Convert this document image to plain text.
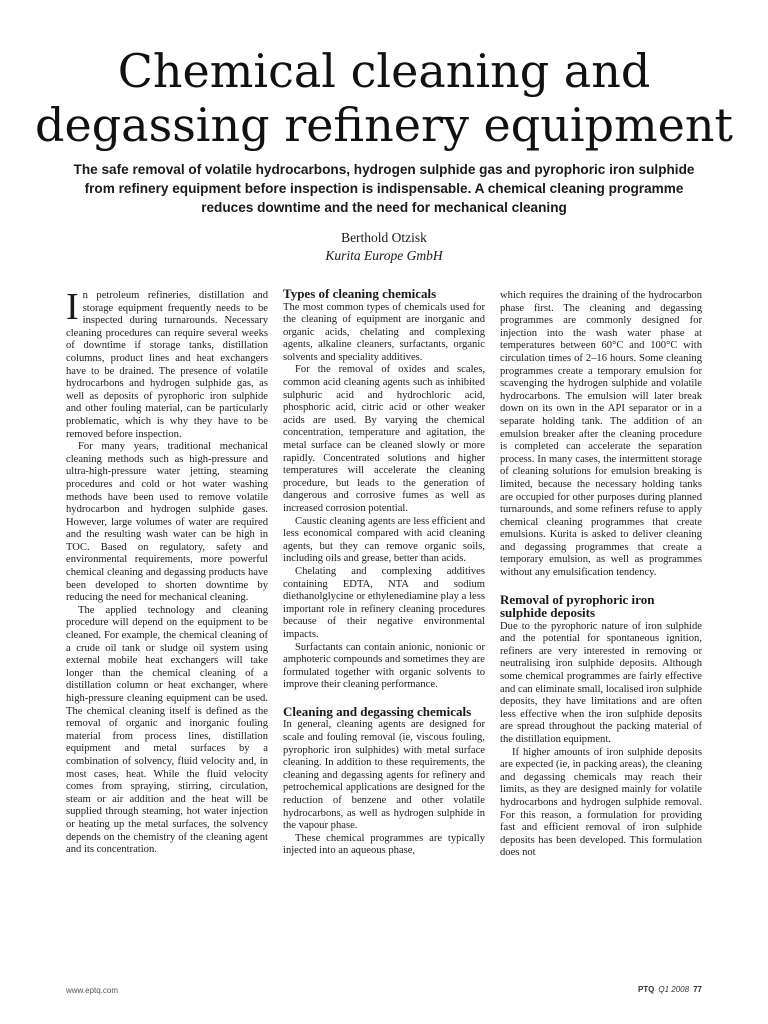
Chemical cleaning and degassing refinery equipment

The safe removal of volatile hydrocarbons, hydrogen sulphide gas and pyrophoric iron sulphide from refinery equipment before inspection is indispensable. A chemical cleaning programme reduces downtime and the need for mechanical cleaning

Berthold Otzisk
Kurita Europe GmbH

In petroleum refineries, distillation and storage equipment frequently needs to be inspected during turnarounds. Necessary cleaning procedures can require several weeks of downtime if storage tanks, distillation columns, product lines and heat exchangers have to be drained. The presence of volatile hydrocarbons and hydrogen sulphide gas, as well as deposits of pyrophoric iron sulphide and other fouling material, can be particularly problematic, which is why they have to be removed before inspection.

For many years, traditional mechanical cleaning methods such as high-pressure and ultra-high-pressure water jetting, steaming procedures and cold or hot water washing methods have been used to remove volatile hydrocarbon and hydrogen sulphide gases. However, large volumes of water are required and the resulting wash water can be high in TOC. Based on regulatory, safety and environmental requirements, more powerful chemical cleaning and degassing products have been developed to shorten downtime by reducing the need for mechanical cleaning.

The applied technology and cleaning procedure will depend on the equipment to be cleaned. For example, the chemical cleaning of a crude oil tank or sludge oil system using external mobile heat exchangers will take longer than the chemical cleaning of a distillation column or heat exchanger, where high-pressure cleaning equipment can be used. The chemical cleaning itself is defined as the removal of organic and inorganic fouling material from process lines, distillation equipment and metal surfaces by a combination of solvency, fluid velocity and, in most cases, heat. While the fluid velocity comes from spraying, stirring, circulation, steam or air addition and the heat will be supplied through steaming, hot water injection or heating up the metal surfaces, the solvency depends on the chemistry of the cleaning agent and its concentration.

Types of cleaning chemicals

The most common types of chemicals used for the cleaning of equipment are inorganic and organic acids, chelating and complexing agents, alkaline cleaners, surfactants, organic solvents and speciality additives.

For the removal of oxides and scales, common acid cleaning agents such as inhibited sulphuric acid and hydrochloric acid, phosphoric acid, citric acid or other weaker acids are used. By varying the chemical concentration, temperature and agitation, the metal surface can be cleaned slowly or more rapidly. Concentrated solutions and higher temperatures will accelerate the cleaning procedure, but leads to the generation of dangerous and corrosive fumes as well as increased corrosion potential.

Caustic cleaning agents are less efficient and less economical compared with acid cleaning agents, but they can remove organic soils, including oils and grease, better than acids.

Chelating and complexing additives containing EDTA, NTA and sodium diethanolglycine or ethylenediamine play a less important role in refinery cleaning procedures because of their negative environmental impacts.

Surfactants can contain anionic, nonionic or amphoteric compounds and sometimes they are formulated together with organic solvents to improve their cleaning performance.

Cleaning and degassing chemicals

In general, cleaning agents are designed for scale and fouling removal (ie, viscous fouling, pyrophoric iron sulphides) with metal surface cleaning. In addition to these requirements, the cleaning and degassing agents for refinery and petrochemical applications are designed for the reduction of benzene and other volatile hydrocarbons, as well as hydrogen sulphide in the vapour phase.

These chemical programmes are typically injected into an aqueous phase,

which requires the draining of the hydrocarbon phase first. The cleaning and degassing programmes are commonly designed for injection into the wash water phase at temperatures between 60°C and 100°C with circulation times of 2–16 hours. Some cleaning programmes create a temporary emulsion for scavenging the hydrogen sulphide and volatile hydrocarbons. The emulsion will later break down on its own in the API separator or in a separate holding tank. The addition of an emulsion breaker after the cleaning procedure is completed can accelerate the separation process. In many cases, the intermittent storage of cleaning solutions for emulsion breaking is limited, because the necessary holding tanks are occupied for other purposes during planned turnarounds, and some refiners refuse to apply chemical cleaning programmes that create emulsions. Kurita is asked to deliver cleaning and degassing programmes that create a temporary emulsion, as well as programmes without any emulsification tendency.

Removal of pyrophoric iron sulphide deposits

Due to the pyrophoric nature of iron sulphide and the potential for spontaneous ignition, refiners are very interested in removing or neutralising iron sulphide deposits. Although some chemical programmes are fairly effective and can eliminate small, localised iron sulphide deposits, they have limitations and are often less effective when the iron sulphide deposits are spread throughout the packing material of the distillation equipment.

If higher amounts of iron sulphide deposits are expected (ie, in packing areas), the cleaning and degassing chemicals may reach their limits, as they are designed mainly for volatile hydrocarbons and hydrogen sulphide removal. For this reason, a formulation for providing fast and efficient removal of iron sulphide deposits has been developed. This formulation does not

www.eptq.com	PTQ Q1 2008 77
